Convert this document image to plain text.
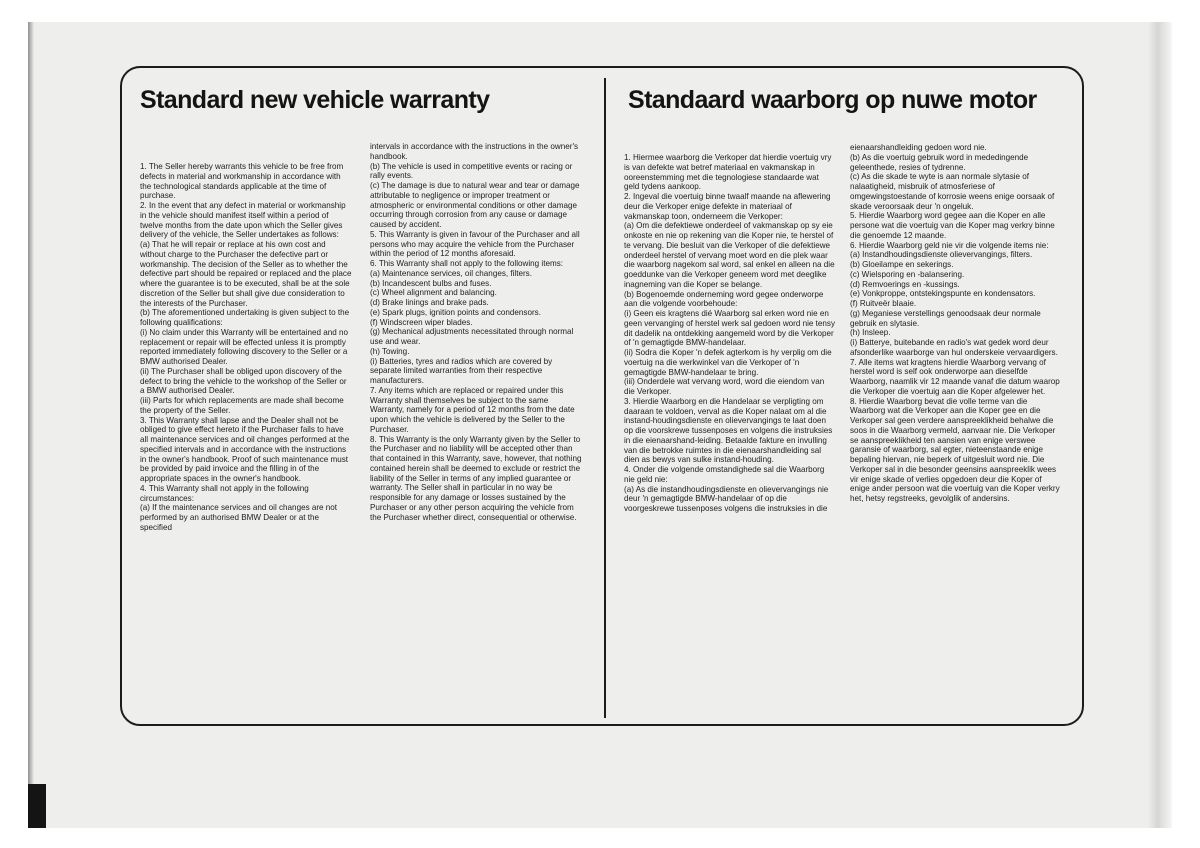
Standard new vehicle warranty	Standaard waarborg op nuwe motor

1. The Seller hereby warrants this vehicle to be free from defects in material and workmanship in accordance with the technological standards applicable at the time of purchase.

2. In the event that any defect in material or workmanship in the vehicle should manifest itself within a period of twelve months from the date upon which the Seller gives delivery of the vehicle, the Seller undertakes as follows:

(a) That he will repair or replace at his own cost and without charge to the Purchaser the defective part or workmanship. The decision of the Seller as to whether the defective part should be repaired or replaced and the place where the guarantee is to be executed, shall be at the sole discretion of the Seller but shall give due consideration to the interests of the Purchaser.

(b) The aforementioned undertaking is given subject to the following qualifications:

(i) No claim under this Warranty will be entertained and no replacement or repair will be effected unless it is promptly reported immediately following discovery to the Seller or a BMW authorised Dealer.

(ii) The Purchaser shall be obliged upon discovery of the defect to bring the vehicle to the workshop of the Seller or a BMW authorised Dealer.

(iii) Parts for which replacements are made shall become the property of the Seller.

3. This Warranty shall lapse and the Dealer shall not be obliged to give effect hereto if the Purchaser fails to have all maintenance services and oil changes performed at the specified intervals and in accordance with the instructions in the owner's handbook. Proof of such maintenance must be provided by paid invoice and the filling in of the appropriate spaces in the owner's handbook.

4. This Warranty shall not apply in the following circumstances:

(a) If the maintenance services and oil changes are not performed by an authorised BMW Dealer or at the specified

intervals in accordance with the instructions in the owner's handbook.

(b) The vehicle is used in competitive events or racing or rally events.

(c) The damage is due to natural wear and tear or damage attributable to negligence or improper treatment or atmospheric or environmental conditions or other damage occurring through corrosion from any cause or damage caused by accident.

5. This Warranty is given in favour of the Purchaser and all persons who may acquire the vehicle from the Purchaser within the period of 12 months aforesaid.

6. This Warranty shall not apply to the following items:

(a) Maintenance services, oil changes, filters.

(b) Incandescent bulbs and fuses.

(c) Wheel alignment and balancing.

(d) Brake linings and brake pads.

(e) Spark plugs, ignition points and condensors.

(f) Windscreen wiper blades.

(g) Mechanical adjustments necessitated through normal use and wear.

(h) Towing.

(i) Batteries, tyres and radios which are covered by separate limited warranties from their respective manufacturers.

7. Any items which are replaced or repaired under this Warranty shall themselves be subject to the same Warranty, namely for a period of 12 months from the date upon which the vehicle is delivered by the Seller to the Purchaser.

8. This Warranty is the only Warranty given by the Seller to the Purchaser and no liability will be accepted other than that contained in this Warranty, save, however, that nothing contained herein shall be deemed to exclude or restrict the liability of the Seller in terms of any implied guarantee or warranty. The Seller shall in particular in no way be responsible for any damage or losses sustained by the Purchaser or any other person acquiring the vehicle from the Purchaser whether direct, consequential or otherwise.

1. Hiermee waarborg die Verkoper dat hierdie voertuig vry is van defekte wat betref materiaal en vakmanskap in ooreenstemming met die tegnologiese standaarde wat geld tydens aankoop.

2. Ingeval die voertuig binne twaalf maande na aflewering deur die Verkoper enige defekte in materiaal of vakmanskap toon, onderneem die Verkoper:

(a) Om die defektiewe onderdeel of vakmanskap op sy eie onkoste en nie op rekening van die Koper nie, te herstel of te vervang. Die besluit van die Verkoper of die defektiewe onderdeel herstel of vervang moet word en die plek waar die waarborg nagekom sal word, sal enkel en alleen na die goeddunke van die Verkoper geneem word met deeglike inagneming van die Koper se belange.

(b) Bogenoemde onderneming word gegee onderworpe aan die volgende voorbehoude:

(i) Geen eis kragtens dié Waarborg sal erken word nie en geen vervanging of herstel werk sal gedoen word nie tensy dit dadelik na ontdekking aangemeld word by die Verkoper of 'n gemagtigde BMW-handelaar.

(ii) Sodra die Koper 'n defek agterkom is hy verplig om die voertuig na die werkwinkel van die Verkoper of 'n gemagtigde BMW-handelaar te bring.

(iii) Onderdele wat vervang word, word die eiendom van die Verkoper.

3. Hierdie Waarborg en die Handelaar se verpligting om daaraan te voldoen, verval as die Koper nalaat om al die instand-houdingsdienste en olievervangings te laat doen op die voorskrewe tussenposes en volgens die instruksies in die eienaarshand-leiding. Betaalde fakture en invulling van die betrokke ruimtes in die eienaarshandleiding sal dien as bewys van sulke instand-houding.

4. Onder die volgende omstandighede sal die Waarborg nie geld nie:

(a) As die instandhoudingsdienste en olievervangings nie deur 'n gemagtigde BMW-handelaar of op die voorgeskrewe tussenposes volgens die instruksies in die

eienaarshandleiding gedoen word nie.

(b) As die voertuig gebruik word in mededingende geleenthede, resies of tydrenne.

(c) As die skade te wyte is aan normale slytasie of nalaatigheid, misbruik of atmosferiese of omgewingstoestande of korrosie weens enige oorsaak of skade veroorsaak deur 'n ongeluk.

5. Hierdie Waarborg word gegee aan die Koper en alle persone wat die voertuig van die Koper mag verkry binne die genoemde 12 maande.

6. Hierdie Waarborg geld nie vir die volgende items nie:

(a) Instandhoudingsdienste olievervangings, filters.

(b) Gloeilampe en sekerings.

(c) Wielsporing en -balansering.

(d) Remvoerings en -kussings.

(e) Vonkproppe, ontstekingspunte en kondensators.

(f) Ruitveër blaaie.

(g) Meganiese verstellings genoodsaak deur normale gebruik en slytasie.

(h) Insleep.

(i) Batterye, buitebande en radio's wat gedek word deur afsonderlike waarborge van hul onderskeie vervaardigers.

7. Alle items wat kragtens hierdie Waarborg vervang of herstel word is self ook onderworpe aan dieselfde Waarborg, naamlik vir 12 maande vanaf die datum waarop die Verkoper die voertuig aan die Koper afgelewer het.

8. Hierdie Waarborg bevat die volle terme van die Waarborg wat die Verkoper aan die Koper gee en die Verkoper sal geen verdere aanspreeklikheid behalwe die soos in die Waarborg vermeld, aanvaar nie. Die Verkoper se aanspreeklikheid ten aansien van enige verswee garansie of waarborg, sal egter, nieteenstaande enige bepaling hiervan, nie beperk of uitgesluit word nie. Die Verkoper sal in die besonder geensins aanspreeklik wees vir enige skade of verlies opgedoen deur die Koper of enige ander persoon wat die voertuig van die Koper verkry het, hetsy regstreeks, gevolglik of andersins.
